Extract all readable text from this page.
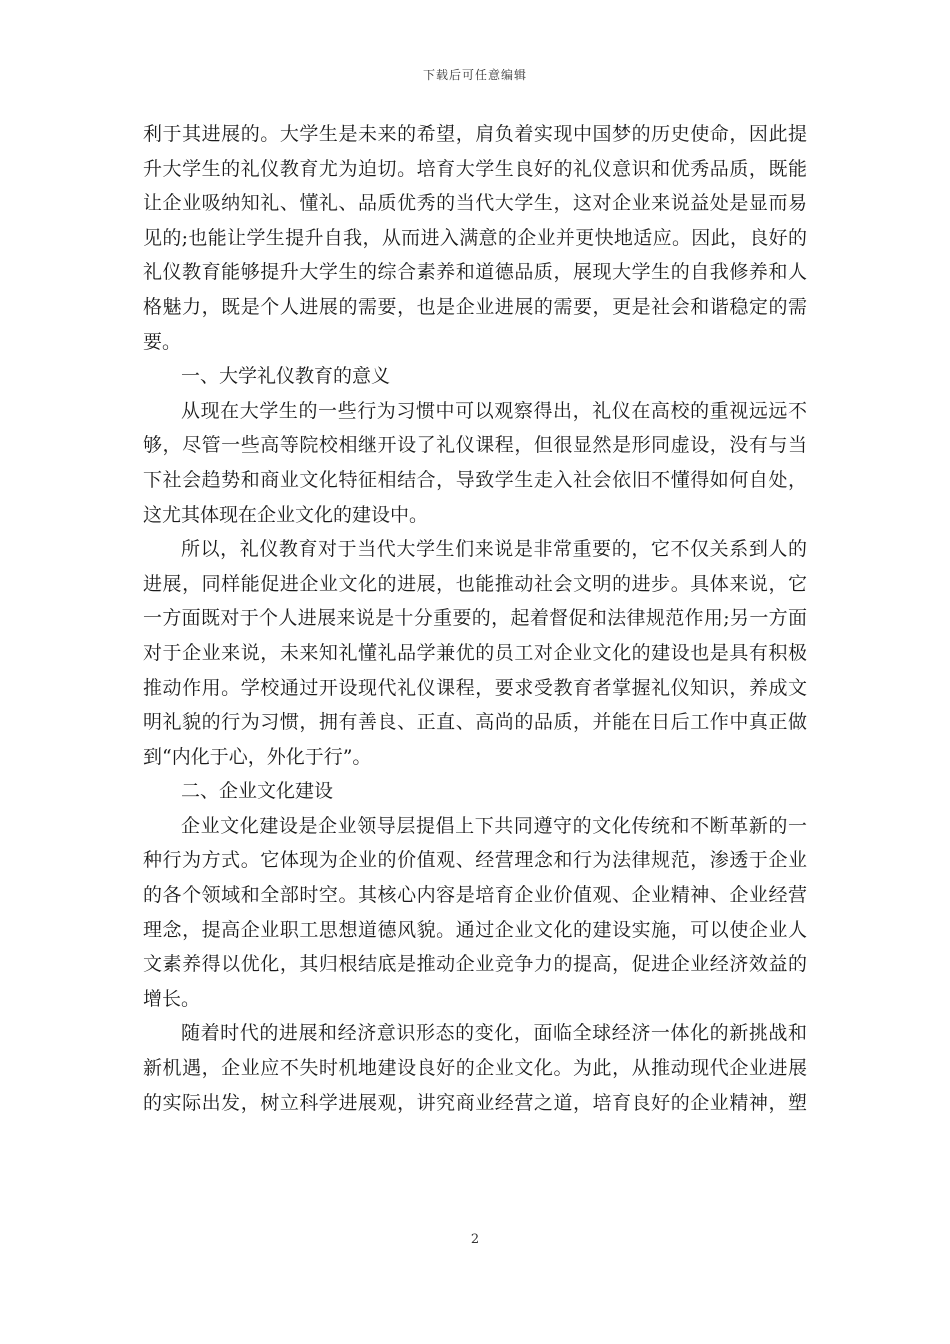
下载后可任意编辑
利于其进展的。大学生是未来的希望，肩负着实现中国梦的历史使命，因此提
升大学生的礼仪教育尤为迫切。培育大学生良好的礼仪意识和优秀品质，既能
让企业吸纳知礼、懂礼、品质优秀的当代大学生，这对企业来说益处是显而易
见的;也能让学生提升自我，从而进入满意的企业并更快地适应。因此，良好的
礼仪教育能够提升大学生的综合素养和道德品质，展现大学生的自我修养和人
格魅力，既是个人进展的需要，也是企业进展的需要，更是社会和谐稳定的需
要。
一、大学礼仪教育的意义
从现在大学生的一些行为习惯中可以观察得出，礼仪在高校的重视远远不
够，尽管一些高等院校相继开设了礼仪课程，但很显然是形同虚设，没有与当
下社会趋势和商业文化特征相结合，导致学生走入社会依旧不懂得如何自处，
这尤其体现在企业文化的建设中。
所以，礼仪教育对于当代大学生们来说是非常重要的，它不仅关系到人的
进展，同样能促进企业文化的进展，也能推动社会文明的进步。具体来说，它
一方面既对于个人进展来说是十分重要的，起着督促和法律规范作用;另一方面
对于企业来说，未来知礼懂礼品学兼优的员工对企业文化的建设也是具有积极
推动作用。学校通过开设现代礼仪课程，要求受教育者掌握礼仪知识，养成文
明礼貌的行为习惯，拥有善良、正直、高尚的品质，并能在日后工作中真正做
到“内化于心，外化于行”。
二、企业文化建设
企业文化建设是企业领导层提倡上下共同遵守的文化传统和不断革新的一
种行为方式。它体现为企业的价值观、经营理念和行为法律规范，渗透于企业
的各个领域和全部时空。其核心内容是培育企业价值观、企业精神、企业经营
理念，提高企业职工思想道德风貌。通过企业文化的建设实施，可以使企业人
文素养得以优化，其归根结底是推动企业竞争力的提高，促进企业经济效益的
增长。
随着时代的进展和经济意识形态的变化，面临全球经济一体化的新挑战和
新机遇，企业应不失时机地建设良好的企业文化。为此，从推动现代企业进展
的实际出发，树立科学进展观，讲究商业经营之道，培育良好的企业精神，塑
2
